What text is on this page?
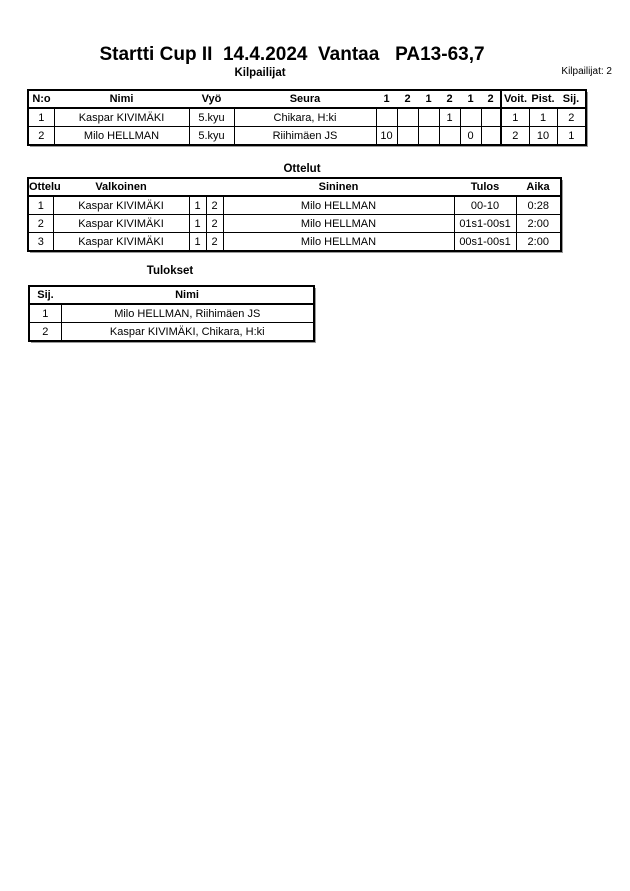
Startti Cup II  14.4.2024  Vantaa   PA13-63,7
Kilpailijat	Kilpailijat: 2
N:o	Nimi	Vyö	Seura	1	2	1	2	1	2	Voit.	Pist.	Sij.
1	Kaspar KIVIMÄKI	5.kyu	Chikara, H:ki				1			1	1	2
2	Milo HELLMAN	5.kyu	Riihimäen JS	10				0		2	10	1
Ottelut
Ottelu	Valkoinen			Sininen	Tulos	Aika
1	Kaspar KIVIMÄKI	1	2	Milo HELLMAN	00-10	0:28
2	Kaspar KIVIMÄKI	1	2	Milo HELLMAN	01s1-00s1	2:00
3	Kaspar KIVIMÄKI	1	2	Milo HELLMAN	00s1-00s1	2:00
Tulokset
Sij.	Nimi
1	Milo HELLMAN, Riihimäen JS
2	Kaspar KIVIMÄKI, Chikara, H:ki
